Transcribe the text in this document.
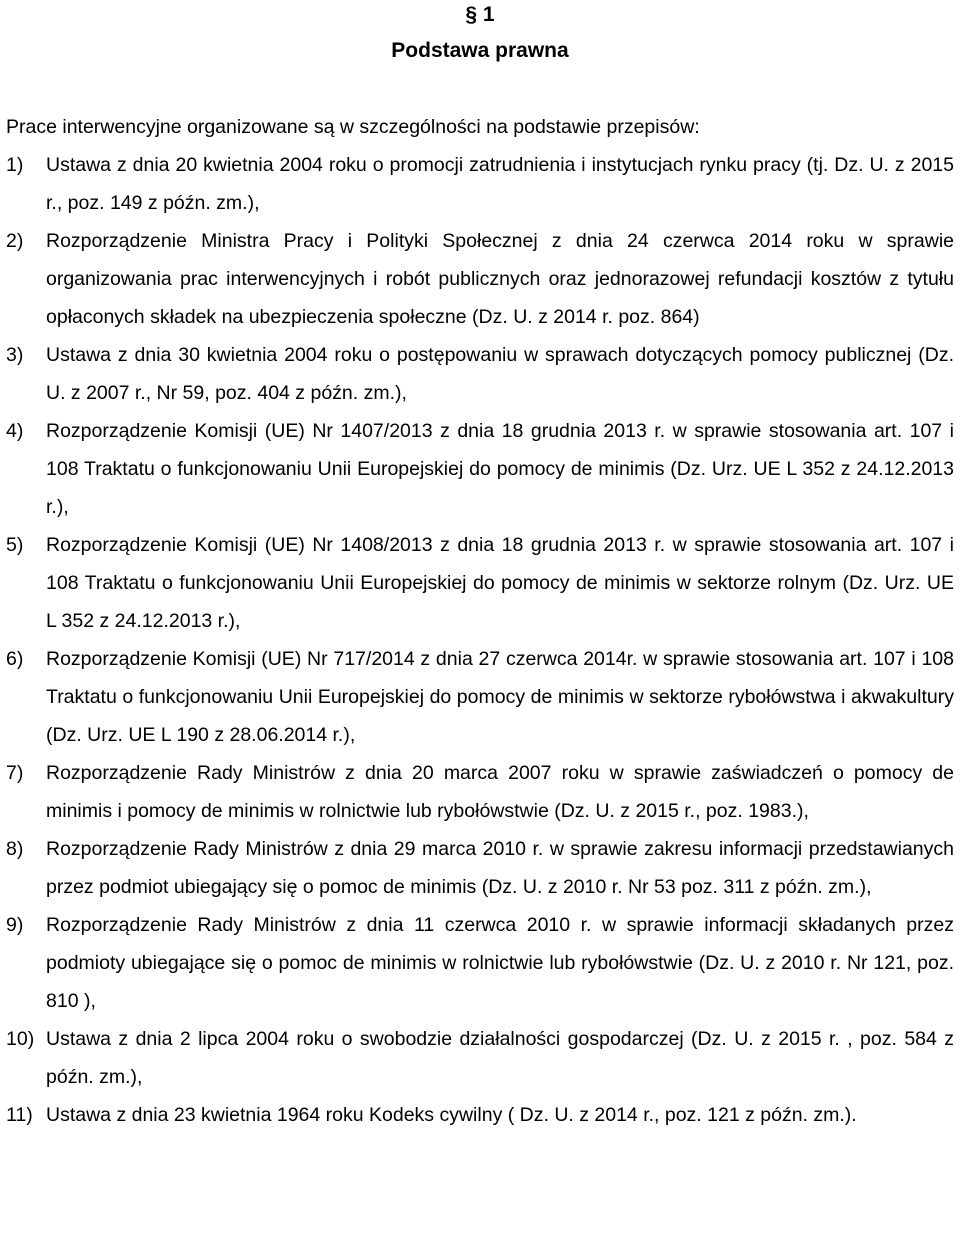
§ 1
Podstawa prawna
Prace interwencyjne organizowane są w szczególności na podstawie przepisów:
1)	Ustawa z dnia 20 kwietnia 2004 roku o promocji zatrudnienia i instytucjach rynku pracy (tj. Dz. U. z 2015 r., poz. 149 z późn. zm.),
2)	Rozporządzenie Ministra Pracy i Polityki Społecznej z dnia 24 czerwca 2014 roku w sprawie organizowania prac interwencyjnych i robót publicznych oraz jednorazowej refundacji kosztów z tytułu opłaconych składek na ubezpieczenia społeczne (Dz. U. z 2014 r. poz. 864)
3)	Ustawa z dnia 30 kwietnia 2004 roku o postępowaniu w sprawach dotyczących pomocy publicznej (Dz. U. z 2007 r., Nr 59, poz. 404 z późn. zm.),
4)	Rozporządzenie Komisji (UE) Nr 1407/2013 z dnia 18 grudnia 2013 r. w sprawie stosowania art. 107 i 108 Traktatu o funkcjonowaniu Unii Europejskiej do pomocy de minimis (Dz. Urz. UE L 352 z 24.12.2013 r.),
5)	Rozporządzenie Komisji (UE) Nr 1408/2013 z dnia 18 grudnia 2013 r. w sprawie stosowania art. 107 i 108 Traktatu o funkcjonowaniu Unii Europejskiej do pomocy de minimis w sektorze rolnym (Dz. Urz. UE L 352 z 24.12.2013 r.),
6)	Rozporządzenie Komisji (UE) Nr 717/2014 z dnia 27 czerwca 2014r. w sprawie stosowania art. 107 i 108 Traktatu o funkcjonowaniu Unii Europejskiej do pomocy de minimis w sektorze rybołówstwa i akwakultury (Dz. Urz. UE L 190 z 28.06.2014 r.),
7)	Rozporządzenie Rady Ministrów z dnia 20 marca 2007 roku w sprawie zaświadczeń o pomocy de minimis i pomocy de minimis w rolnictwie lub rybołówstwie (Dz. U. z 2015 r., poz. 1983.),
8)	Rozporządzenie Rady Ministrów z dnia 29 marca 2010 r. w sprawie zakresu informacji przedstawianych przez podmiot ubiegający się o pomoc de minimis (Dz. U. z 2010 r. Nr 53 poz. 311 z późn. zm.),
9)	Rozporządzenie Rady Ministrów z dnia 11 czerwca 2010 r. w sprawie informacji składanych przez podmioty ubiegające się o pomoc de minimis w rolnictwie lub rybołówstwie (Dz. U. z 2010 r. Nr 121, poz. 810 ),
10) Ustawa z dnia 2 lipca 2004 roku o swobodzie działalności gospodarczej (Dz. U. z 2015 r. , poz. 584 z późn. zm.),
11) Ustawa z dnia 23 kwietnia 1964 roku Kodeks cywilny ( Dz. U. z 2014 r., poz. 121 z późn. zm.).
